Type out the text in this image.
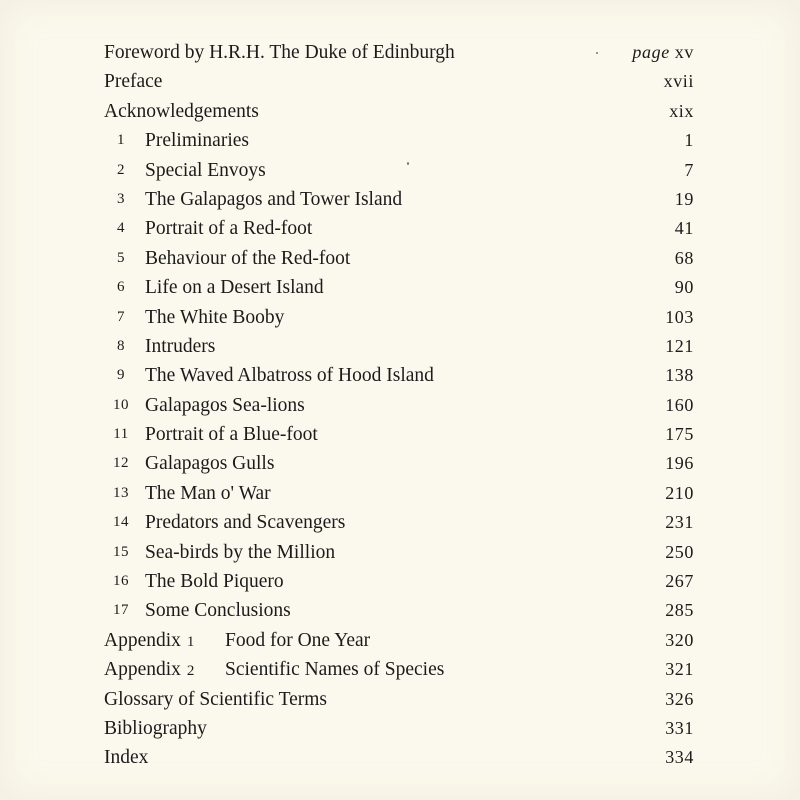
Foreword by H.R.H. The Duke of Edinburgh	page xv
Preface	xvii
Acknowledgements	xix
1	Preliminaries	1
2	Special Envoys	7
3	The Galapagos and Tower Island	19
4	Portrait of a Red-foot	41
5	Behaviour of the Red-foot	68
6	Life on a Desert Island	90
7	The White Booby	103
8	Intruders	121
9	The Waved Albatross of Hood Island	138
10 Galapagos Sea-lions	160
11 Portrait of a Blue-foot	175
12 Galapagos Gulls	196
13 The Man o' War	210
14 Predators and Scavengers	231
15 Sea-birds by the Million	250
16 The Bold Piquero	267
17 Some Conclusions	285
Appendix 1 Food for One Year	320
Appendix 2 Scientific Names of Species	321
Glossary of Scientific Terms	326
Bibliography	331
Index	334
